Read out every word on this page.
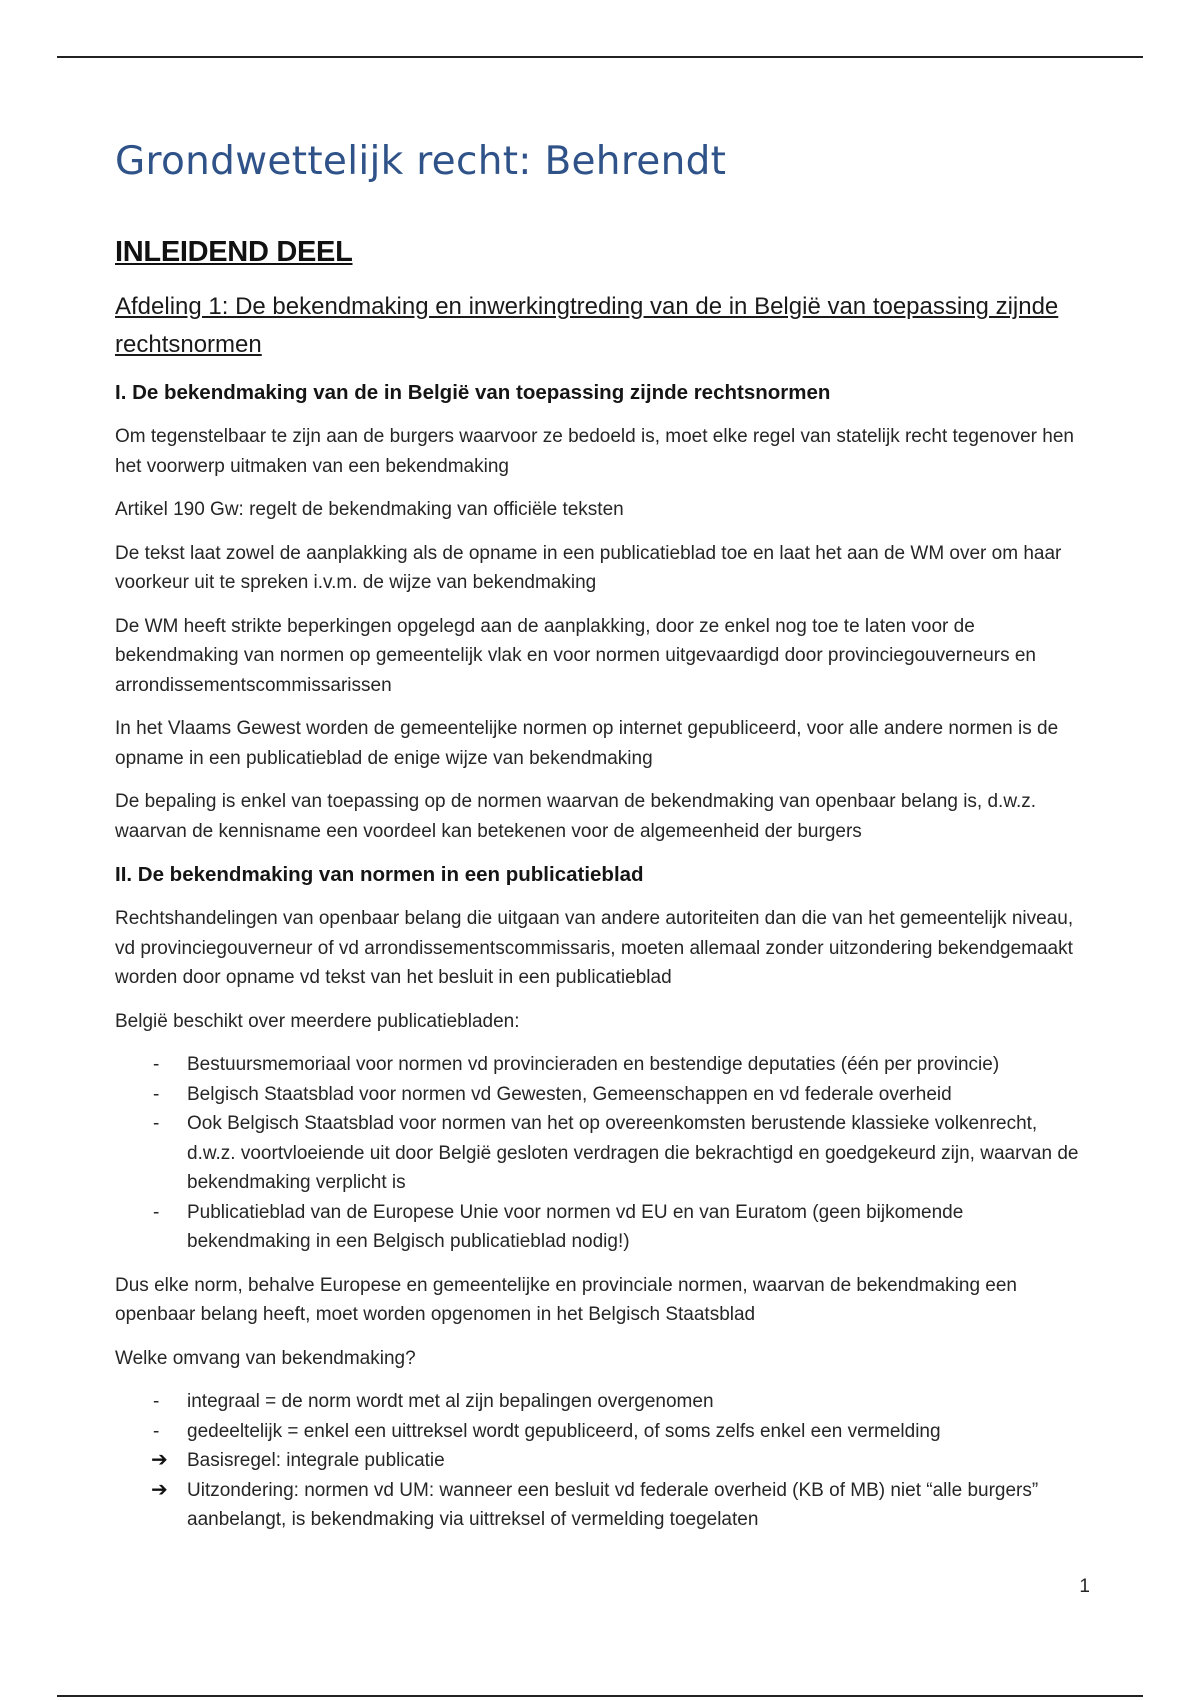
Grondwettelijk recht: Behrendt
INLEIDEND DEEL
Afdeling 1: De bekendmaking en inwerkingtreding van de in België van toepassing zijnde rechtsnormen
I. De bekendmaking van de in België van toepassing zijnde rechtsnormen

Om tegenstelbaar te zijn aan de burgers waarvoor ze bedoeld is, moet elke regel van statelijk recht tegenover hen het voorwerp uitmaken van een bekendmaking

Artikel 190 Gw: regelt de bekendmaking van officiële teksten

De tekst laat zowel de aanplakking als de opname in een publicatieblad toe en laat het aan de WM over om haar voorkeur uit te spreken i.v.m. de wijze van bekendmaking

De WM heeft strikte beperkingen opgelegd aan de aanplakking, door ze enkel nog toe te laten voor de bekendmaking van normen op gemeentelijk vlak en voor normen uitgevaardigd door provinciegouverneurs en arrondissementscommissarissen

In het Vlaams Gewest worden de gemeentelijke normen op internet gepubliceerd, voor alle andere normen is de opname in een publicatieblad de enige wijze van bekendmaking

De bepaling is enkel van toepassing op de normen waarvan de bekendmaking van openbaar belang is, d.w.z. waarvan de kennisname een voordeel kan betekenen voor de algemeenheid der burgers

II. De bekendmaking van normen in een publicatieblad

Rechtshandelingen van openbaar belang die uitgaan van andere autoriteiten dan die van het gemeentelijk niveau, vd provinciegouverneur of vd arrondissementscommissaris, moeten allemaal zonder uitzondering bekendgemaakt worden door opname vd tekst van het besluit in een publicatieblad

België beschikt over meerdere publicatiebladen:

-	Bestuursmemoriaal voor normen vd provincieraden en bestendige deputaties (één per provincie)
-	Belgisch Staatsblad voor normen vd Gewesten, Gemeenschappen en vd federale overheid
-	Ook Belgisch Staatsblad voor normen van het op overeenkomsten berustende klassieke volkenrecht, d.w.z. voortvloeiende uit door België gesloten verdragen die bekrachtigd en goedgekeurd zijn, waarvan de bekendmaking verplicht is
-	Publicatieblad van de Europese Unie voor normen vd EU en van Euratom (geen bijkomende bekendmaking in een Belgisch publicatieblad nodig!)

Dus elke norm, behalve Europese en gemeentelijke en provinciale normen, waarvan de bekendmaking een openbaar belang heeft, moet worden opgenomen in het Belgisch Staatsblad

Welke omvang van bekendmaking?

-	integraal = de norm wordt met al zijn bepalingen overgenomen
-	gedeeltelijk = enkel een uittreksel wordt gepubliceerd, of soms zelfs enkel een vermelding
➔	Basisregel: integrale publicatie
➔	Uitzondering: normen vd UM: wanneer een besluit vd federale overheid (KB of MB) niet “alle burgers” aanbelangt, is bekendmaking via uittreksel of vermelding toegelaten
1
